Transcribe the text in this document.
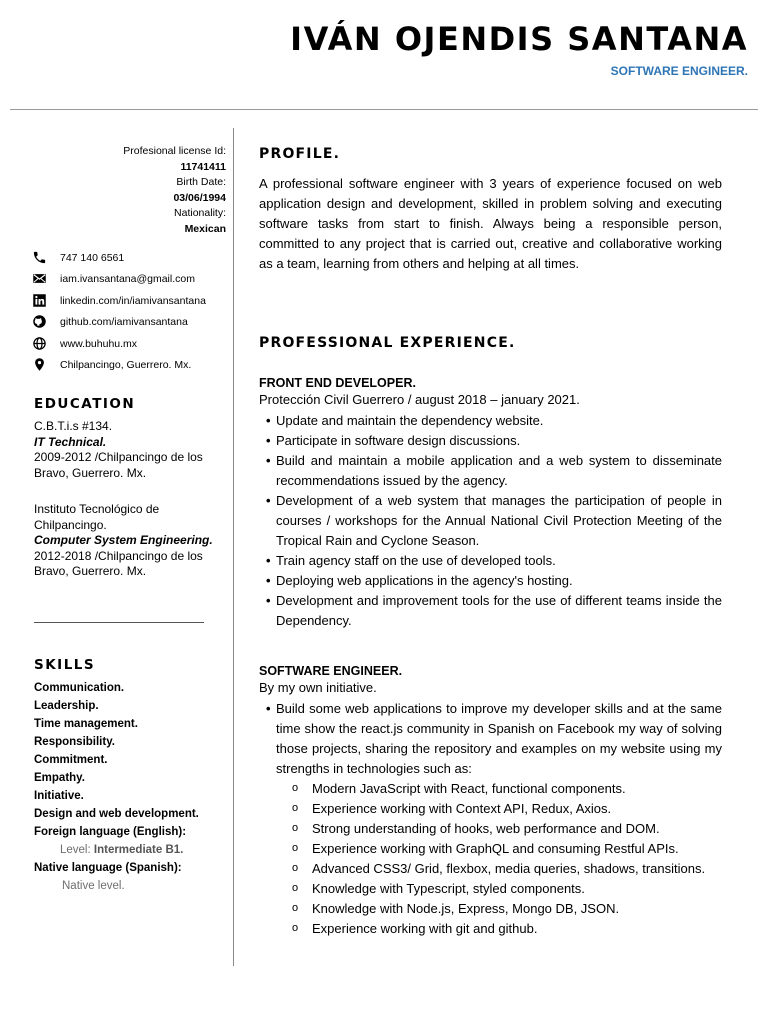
IVÁN OJENDIS SANTANA
SOFTWARE ENGINEER.
Profesional license Id:
11741411
Birth Date:
03/06/1994
Nationality:
Mexican
747 140 6561
iam.ivansantana@gmail.com
linkedin.com/in/iamivansantana
github.com/iamivansantana
www.buhuhu.mx
Chilpancingo, Guerrero. Mx.
EDUCATION
C.B.T.i.s #134.
IT Technical.
2009-2012 /Chilpancingo de los Bravo, Guerrero. Mx.
Instituto Tecnológico de Chilpancingo.
Computer System Engineering.
2012-2018 /Chilpancingo de los Bravo, Guerrero. Mx.
SKILLS
Communication.
Leadership.
Time management.
Responsibility.
Commitment.
Empathy.
Initiative.
Design and web development.
Foreign language (English):
Level: Intermediate B1.
Native language (Spanish):
Native level.
PROFILE.
A professional software engineer with 3 years of experience focused on web application design and development, skilled in problem solving and executing software tasks from start to finish. Always being a responsible person, committed to any project that is carried out, creative and collaborative working as a team, learning from others and helping at all times.
PROFESSIONAL EXPERIENCE.
FRONT END DEVELOPER.
Protección Civil Guerrero / august 2018 – january 2021.
• Update and maintain the dependency website.
• Participate in software design discussions.
• Build and maintain a mobile application and a web system to disseminate recommendations issued by the agency.
• Development of a web system that manages the participation of people in courses / workshops for the Annual National Civil Protection Meeting of the Tropical Rain and Cyclone Season.
• Train agency staff on the use of developed tools.
• Deploying web applications in the agency's hosting.
• Development and improvement tools for the use of different teams inside the Dependency.
SOFTWARE ENGINEER.
By my own initiative.
• Build some web applications to improve my developer skills and at the same time show the react.js community in Spanish on Facebook my way of solving those projects, sharing the repository and examples on my website using my strengths in technologies such as:
o Modern JavaScript with React, functional components.
o Experience working with Context API, Redux, Axios.
o Strong understanding of hooks, web performance and DOM.
o Experience working with GraphQL and consuming Restful APIs.
o Advanced CSS3/ Grid, flexbox, media queries, shadows, transitions.
o Knowledge with Typescript, styled components.
o Knowledge with Node.js, Express, Mongo DB, JSON.
o Experience working with git and github.
